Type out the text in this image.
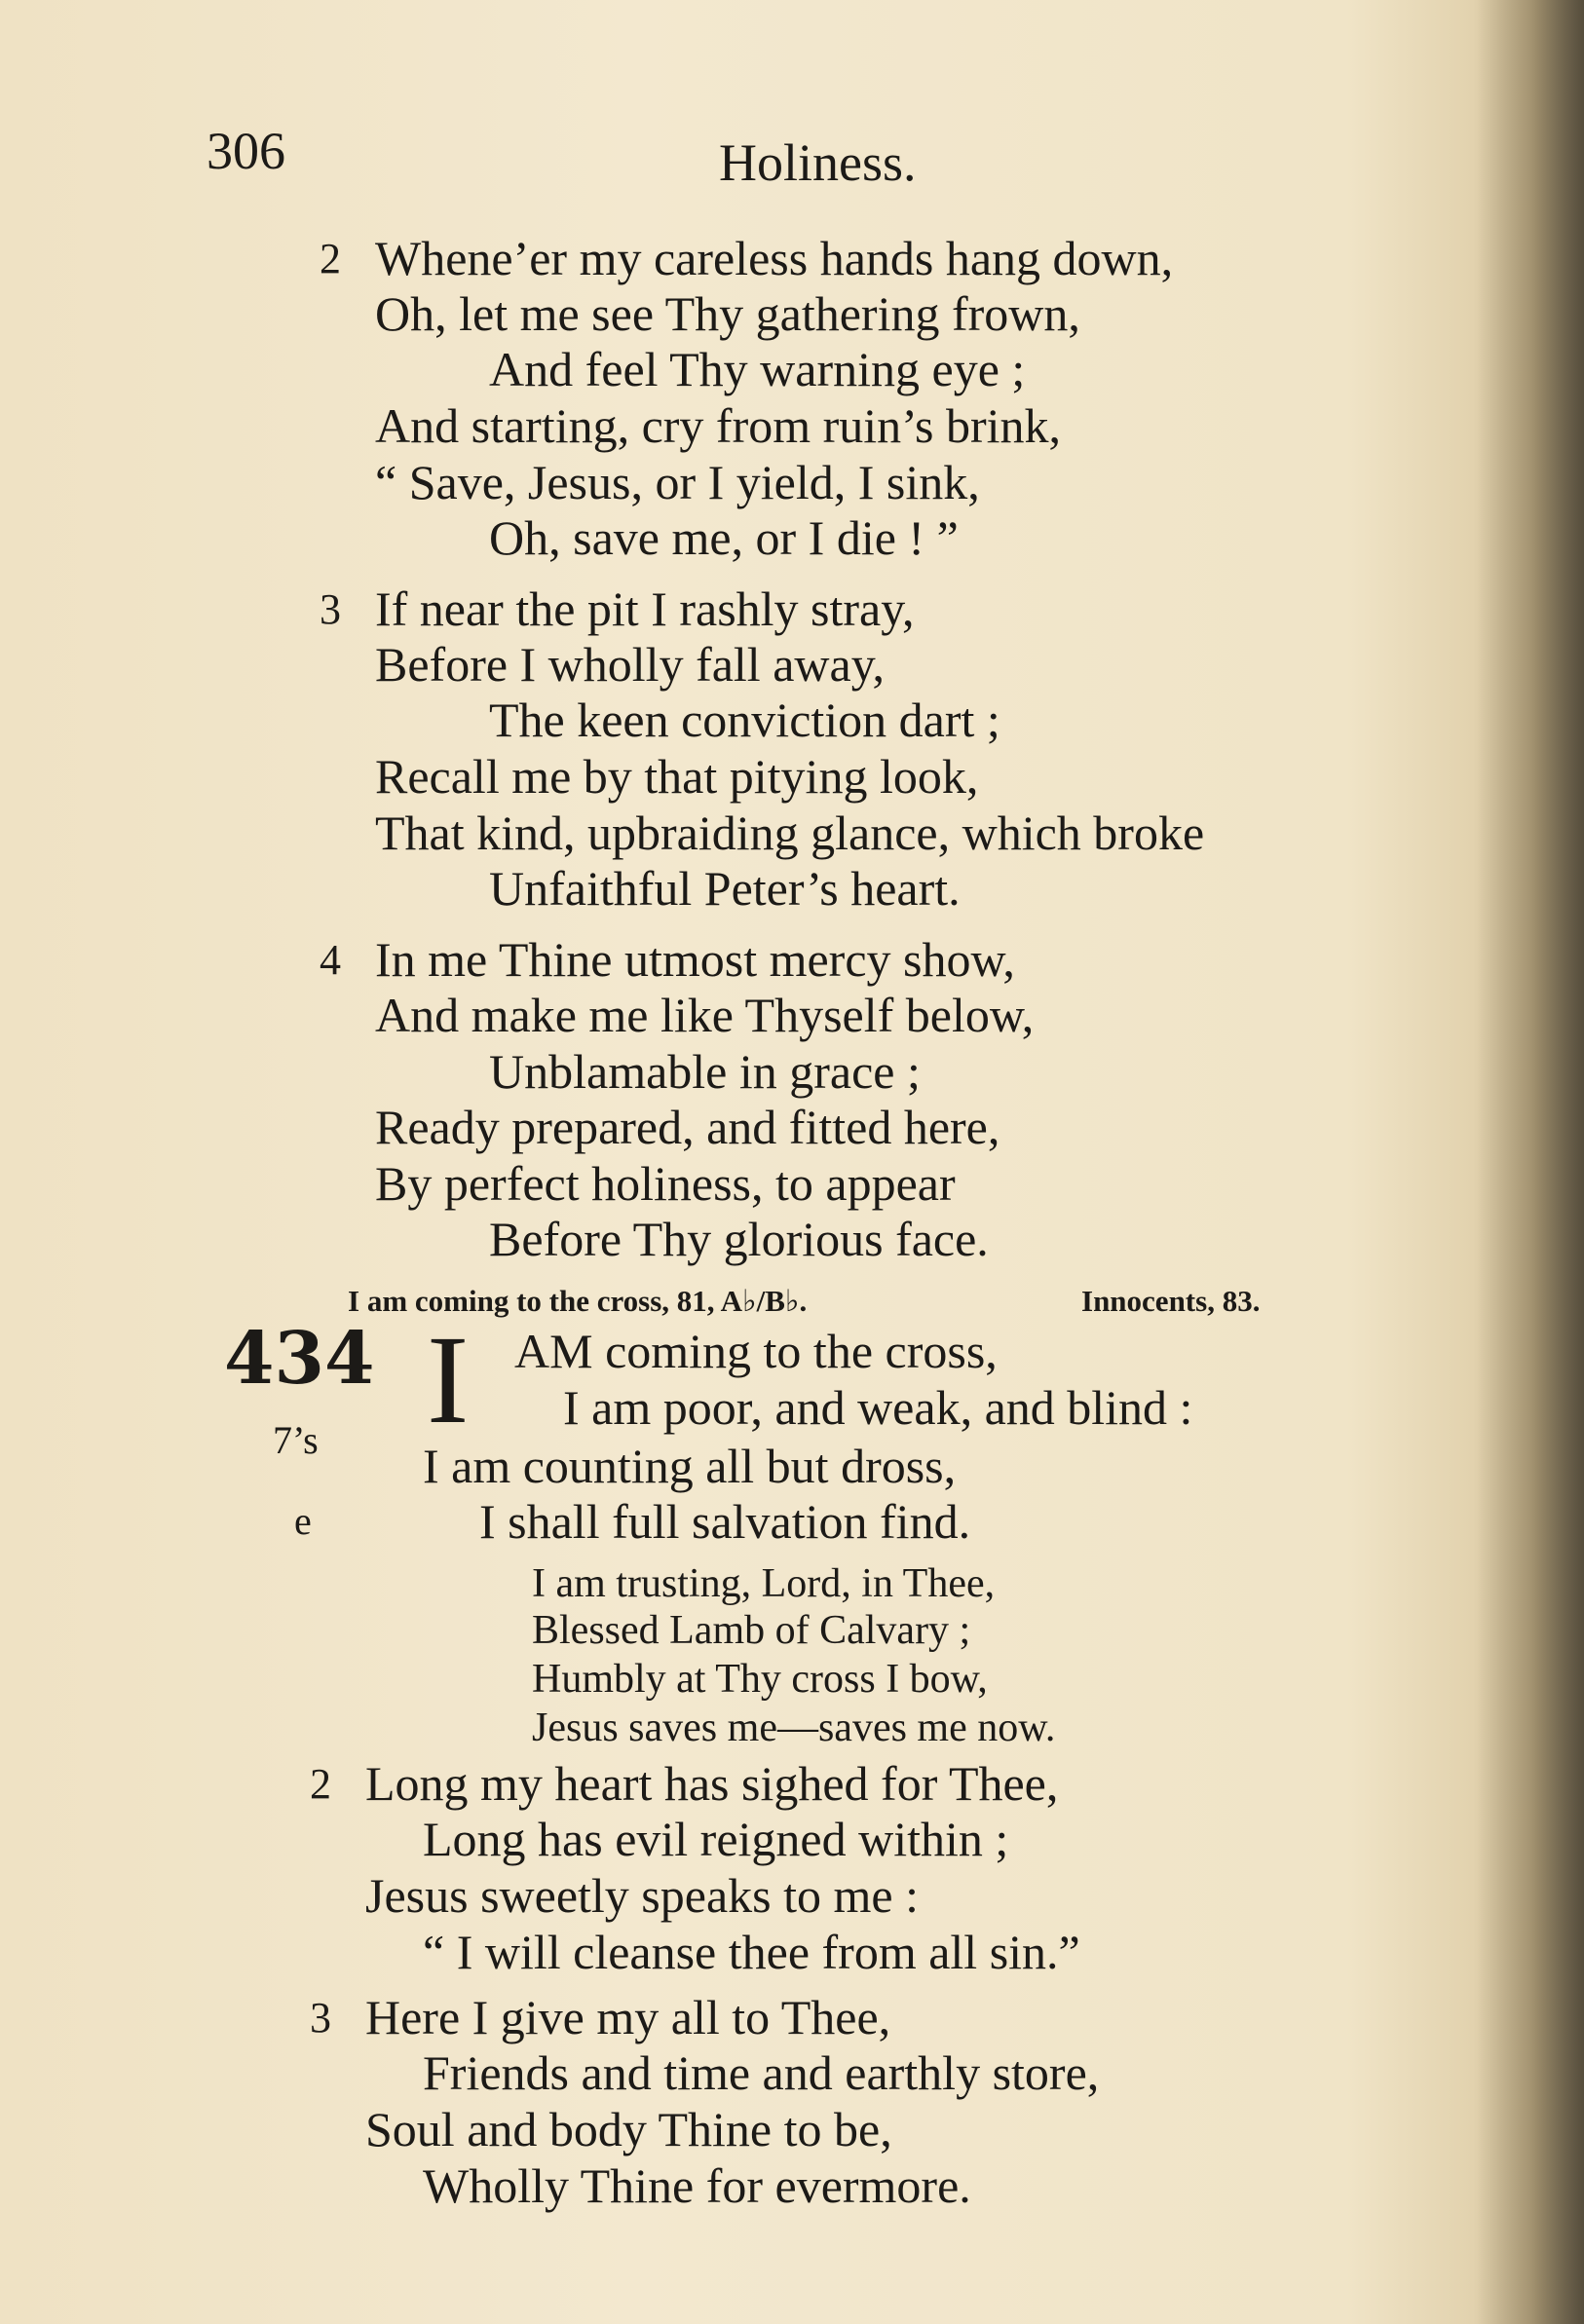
306	Holiness.
2 Whene’er my careless hands hang down,
Oh, let me see Thy gathering frown,
And feel Thy warning eye ;
And starting, cry from ruin’s brink,
“ Save, Jesus, or I yield, I sink,
Oh, save me, or I die ! ”
3 If near the pit I rashly stray,
Before I wholly fall away,
The keen conviction dart ;
Recall me by that pitying look,
That kind, upbraiding glance, which broke
Unfaithful Peter’s heart.
4 In me Thine utmost mercy show,
And make me like Thyself below,
Unblamable in grace ;
Ready prepared, and fitted here,
By perfect holiness, to appear
Before Thy glorious face.
I am coming to the cross, 81, A♭/B♭.	Innocents, 83.
434
7’s
e
I AM coming to the cross,
I am poor, and weak, and blind :
I am counting all but dross,
I shall full salvation find.
I am trusting, Lord, in Thee,
Blessed Lamb of Calvary ;
Humbly at Thy cross I bow,
Jesus saves me—saves me now.
2 Long my heart has sighed for Thee,
Long has evil reigned within ;
Jesus sweetly speaks to me :
“ I will cleanse thee from all sin.”
3 Here I give my all to Thee,
Friends and time and earthly store,
Soul and body Thine to be,
Wholly Thine for evermore.
